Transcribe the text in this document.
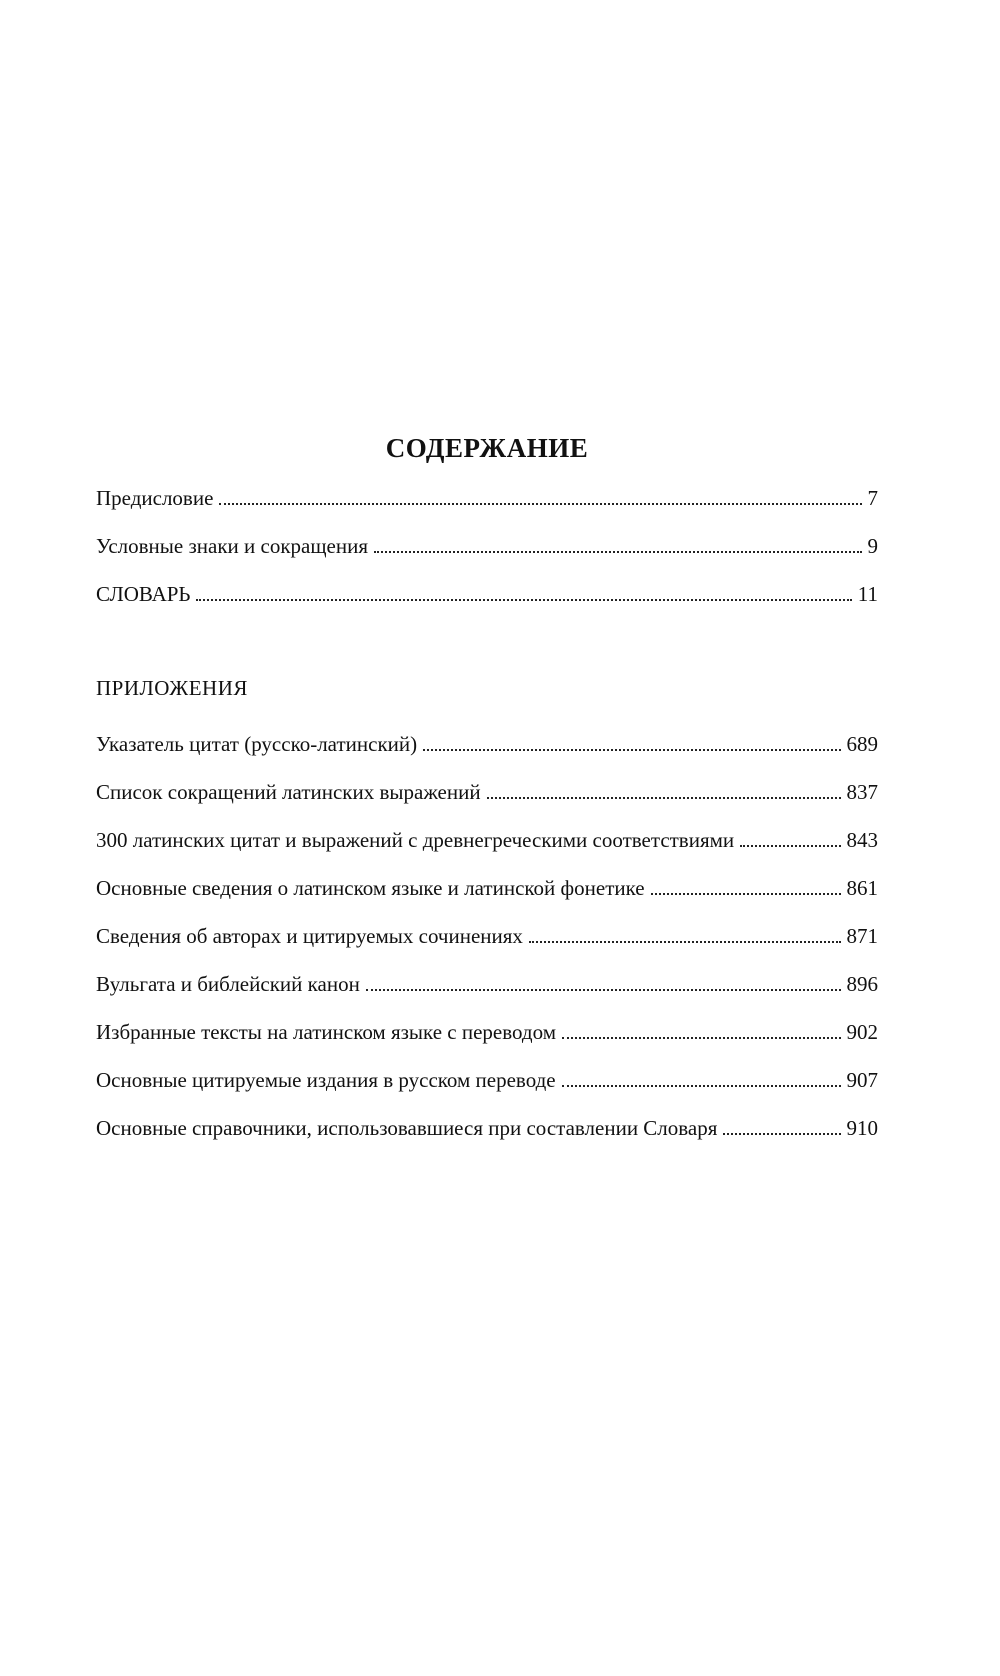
СОДЕРЖАНИЕ
Предисловие	7
Условные знаки и сокращения	9
СЛОВАРЬ	11
ПРИЛОЖЕНИЯ
Указатель цитат (русско-латинский)	689
Список сокращений латинских выражений	837
300 латинских цитат и выражений с древнегреческими соответствиями	843
Основные сведения о латинском языке и латинской фонетике	861
Сведения об авторах и цитируемых сочинениях	871
Вульгата и библейский канон	896
Избранные тексты на латинском языке с переводом	902
Основные цитируемые издания в русском переводе	907
Основные справочники, использовавшиеся при составлении Словаря	910
